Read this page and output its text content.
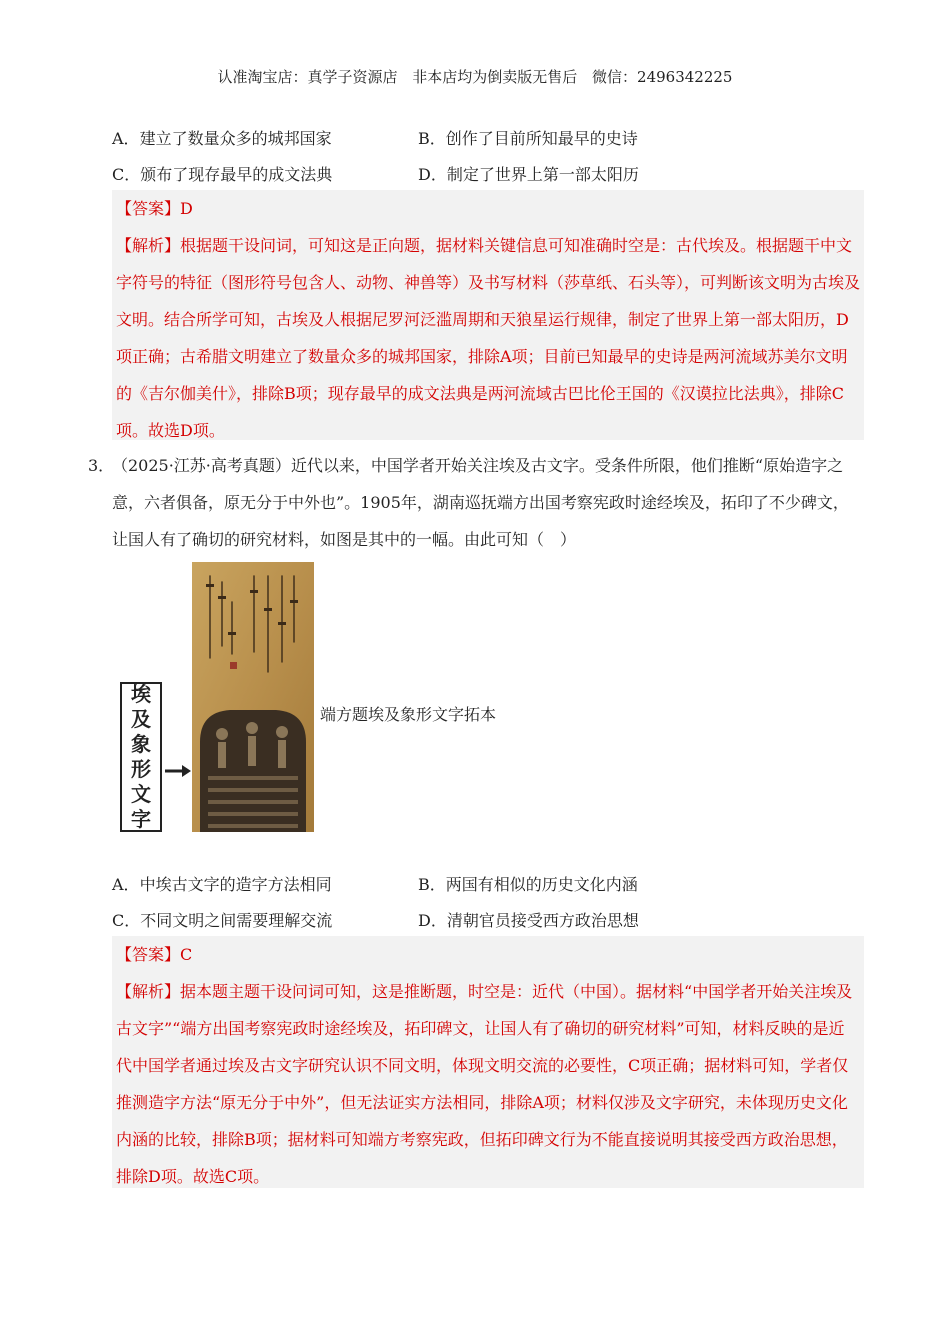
认准淘宝店：真学子资源店 非本店均为倒卖版无售后 微信：2496342225
A．建立了数量众多的城邦国家	B．创作了目前所知最早的史诗
C．颁布了现存最早的成文法典	D．制定了世界上第一部太阳历

【答案】D

【解析】根据题干设问词，可知这是正向题，据材料关键信息可知准确时空是：古代埃及。根据题干中文字符号的特征（图形符号包含人、动物、神兽等）及书写材料（莎草纸、石头等），可判断该文明为古埃及文明。结合所学可知，古埃及人根据尼罗河泛滥周期和天狼星运行规律，制定了世界上第一部太阳历，D项正确；古希腊文明建立了数量众多的城邦国家，排除A项；目前已知最早的史诗是两河流域苏美尔文明的《吉尔伽美什》，排除B项；现存最早的成文法典是两河流域古巴比伦王国的《汉谟拉比法典》，排除C项。故选D项。

3．
（2025·江苏·高考真题）近代以来，中国学者开始关注埃及古文字。受条件所限，他们推断“原始造字之意，六者俱备，原无分于中外也”。1905年，湖南巡抚端方出国考察宪政时途经埃及，拓印了不少碑文，让国人有了确切的研究材料，如图是其中的一幅。由此可知（　）
埃
及
象
形
文
字
端方题埃及象形文字拓本
A．中埃古文字的造字方法相同	B．两国有相似的历史文化内涵
C．不同文明之间需要理解交流	D．清朝官员接受西方政治思想

【答案】C

【解析】据本题主题干设问词可知，这是推断题，时空是：近代（中国）。据材料“中国学者开始关注埃及古文字”“端方出国考察宪政时途经埃及，拓印碑文，让国人有了确切的研究材料”可知，材料反映的是近代中国学者通过埃及古文字研究认识不同文明，体现文明交流的必要性，C项正确；据材料可知，学者仅推测造字方法“原无分于中外”，但无法证实方法相同，排除A项；材料仅涉及文字研究，未体现历史文化内涵的比较，排除B项；据材料可知端方考察宪政，但拓印碑文行为不能直接说明其接受西方政治思想，排除D项。故选C项。
